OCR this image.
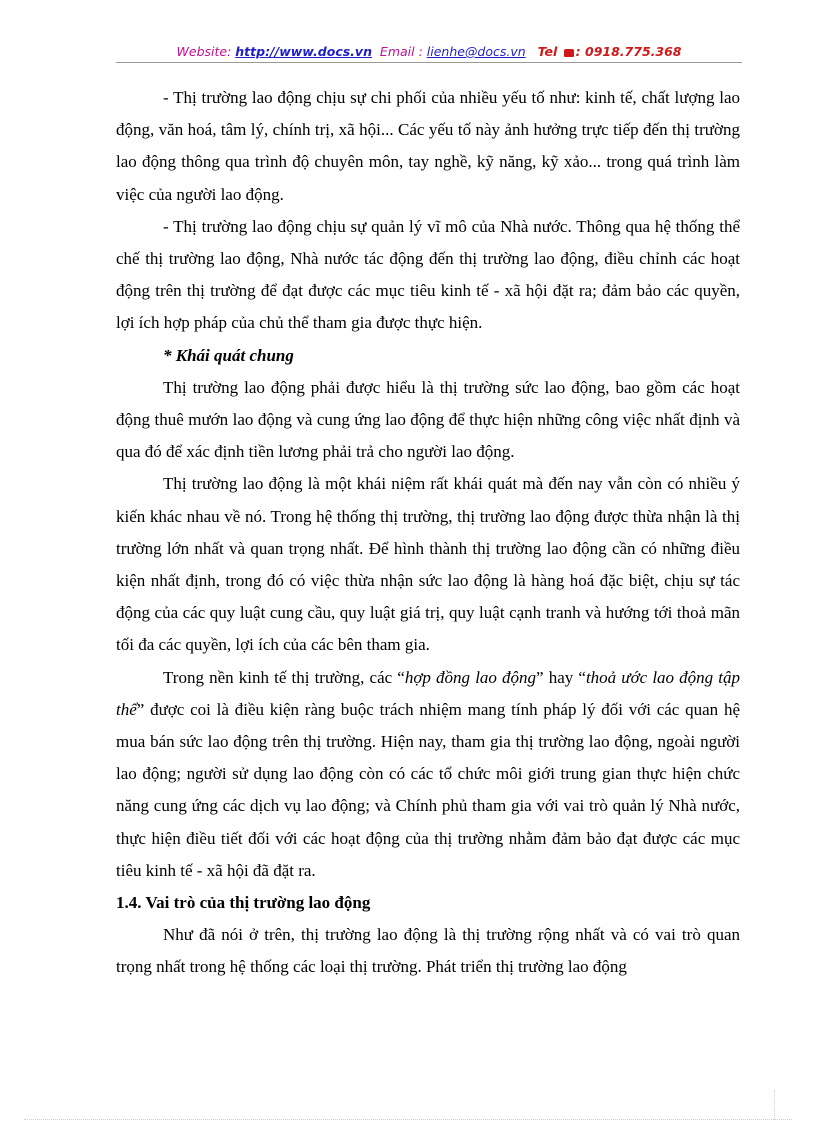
Website: http://www.docs.vn Email : lienhe@docs.vn Tel : 0918.775.368

- Thị trường lao động chịu sự chi phối của nhiều yếu tố như: kinh tế, chất lượng lao động, văn hoá, tâm lý, chính trị, xã hội... Các yếu tố này ảnh hưởng trực tiếp đến thị trường lao động thông qua trình độ chuyên môn, tay nghề, kỹ năng, kỹ xảo... trong quá trình làm việc của người lao động.

- Thị trường lao động chịu sự quản lý vĩ mô của Nhà nước. Thông qua hệ thống thể chế thị trường lao động, Nhà nước tác động đến thị trường lao động, điều chỉnh các hoạt động trên thị trường để đạt được các mục tiêu kinh tế - xã hội đặt ra; đảm bảo các quyền, lợi ích hợp pháp của chủ thể tham gia được thực hiện.

* Khái quát chung

Thị trường lao động phải được hiểu là thị trường sức lao động, bao gồm các hoạt động thuê mướn lao động và cung ứng lao động để thực hiện những công việc nhất định và qua đó để xác định tiền lương phải trả cho người lao động.

Thị trường lao động là một khái niệm rất khái quát mà đến nay vẫn còn có nhiều ý kiến khác nhau về nó. Trong hệ thống thị trường, thị trường lao động được thừa nhận là thị trường lớn nhất và quan trọng nhất. Để hình thành thị trường lao động cần có những điều kiện nhất định, trong đó có việc thừa nhận sức lao động là hàng hoá đặc biệt, chịu sự tác động của các quy luật cung cầu, quy luật giá trị, quy luật cạnh tranh và hướng tới thoả mãn tối đa các quyền, lợi ích của các bên tham gia.

Trong nền kinh tế thị trường, các “hợp đồng lao động” hay “thoả ước lao động tập thể” được coi là điều kiện ràng buộc trách nhiệm mang tính pháp lý đối với các quan hệ mua bán sức lao động trên thị trường. Hiện nay, tham gia thị trường lao động, ngoài người lao động; người sử dụng lao động còn có các tổ chức môi giới trung gian thực hiện chức năng cung ứng các dịch vụ lao động; và Chính phủ tham gia với vai trò quản lý Nhà nước, thực hiện điều tiết đối với các hoạt động của thị trường nhằm đảm bảo đạt được các mục tiêu kinh tế - xã hội đã đặt ra.

1.4. Vai trò của thị trường lao động

Như đã nói ở trên, thị trường lao động là thị trường rộng nhất và có vai trò quan trọng nhất trong hệ thống các loại thị trường. Phát triển thị trường lao động
